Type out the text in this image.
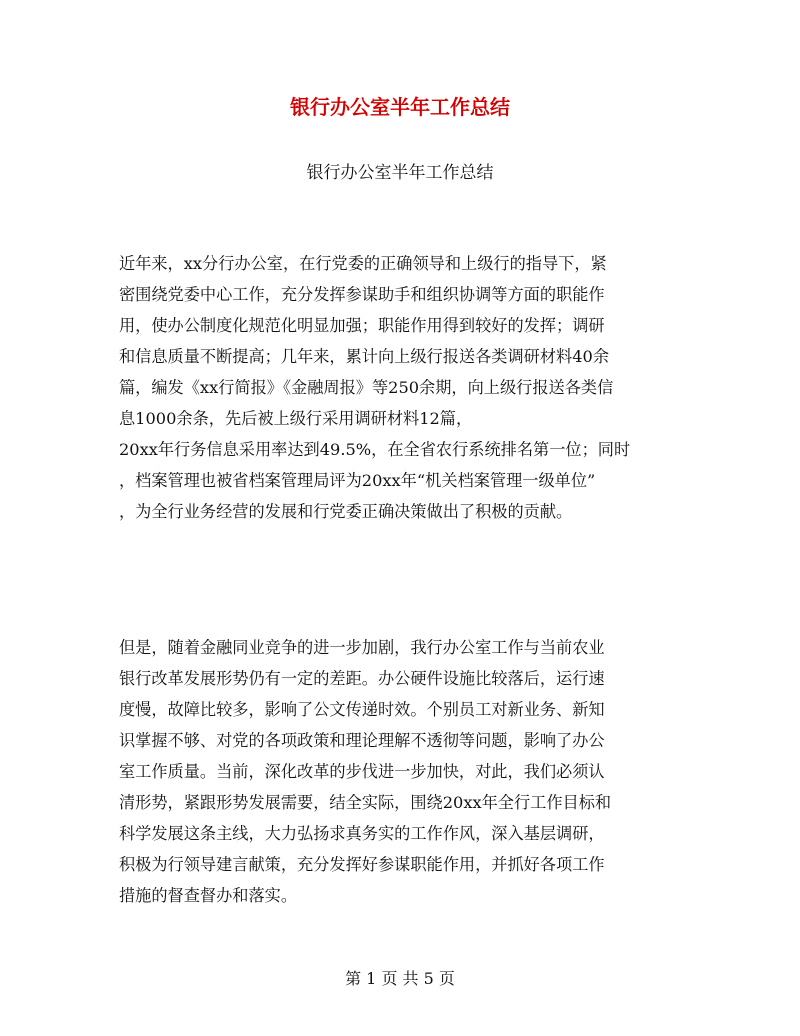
银行办公室半年工作总结
银行办公室半年工作总结
近年来，xx分行办公室，在行党委的正确领导和上级行的指导下，紧
密围绕党委中心工作，充分发挥参谋助手和组织协调等方面的职能作
用，使办公制度化规范化明显加强；职能作用得到较好的发挥；调研
和信息质量不断提高；几年来，累计向上级行报送各类调研材料40余
篇，编发《xx行简报》《金融周报》等250余期，向上级行报送各类信
息1000余条，先后被上级行采用调研材料12篇，
20xx年行务信息采用率达到49.5%，在全省农行系统排名第一位；同时
，档案管理也被省档案管理局评为20xx年“机关档案管理一级单位”
，为全行业务经营的发展和行党委正确决策做出了积极的贡献。
但是，随着金融同业竞争的进一步加剧，我行办公室工作与当前农业
银行改革发展形势仍有一定的差距。办公硬件设施比较落后，运行速
度慢，故障比较多，影响了公文传递时效。个别员工对新业务、新知
识掌握不够、对党的各项政策和理论理解不透彻等问题，影响了办公
室工作质量。当前，深化改革的步伐进一步加快，对此，我们必须认
清形势，紧跟形势发展需要，结全实际，围绕20xx年全行工作目标和
科学发展这条主线，大力弘扬求真务实的工作作风，深入基层调研，
积极为行领导建言献策，充分发挥好参谋职能作用，并抓好各项工作
措施的督查督办和落实。
第 1 页 共 5 页
